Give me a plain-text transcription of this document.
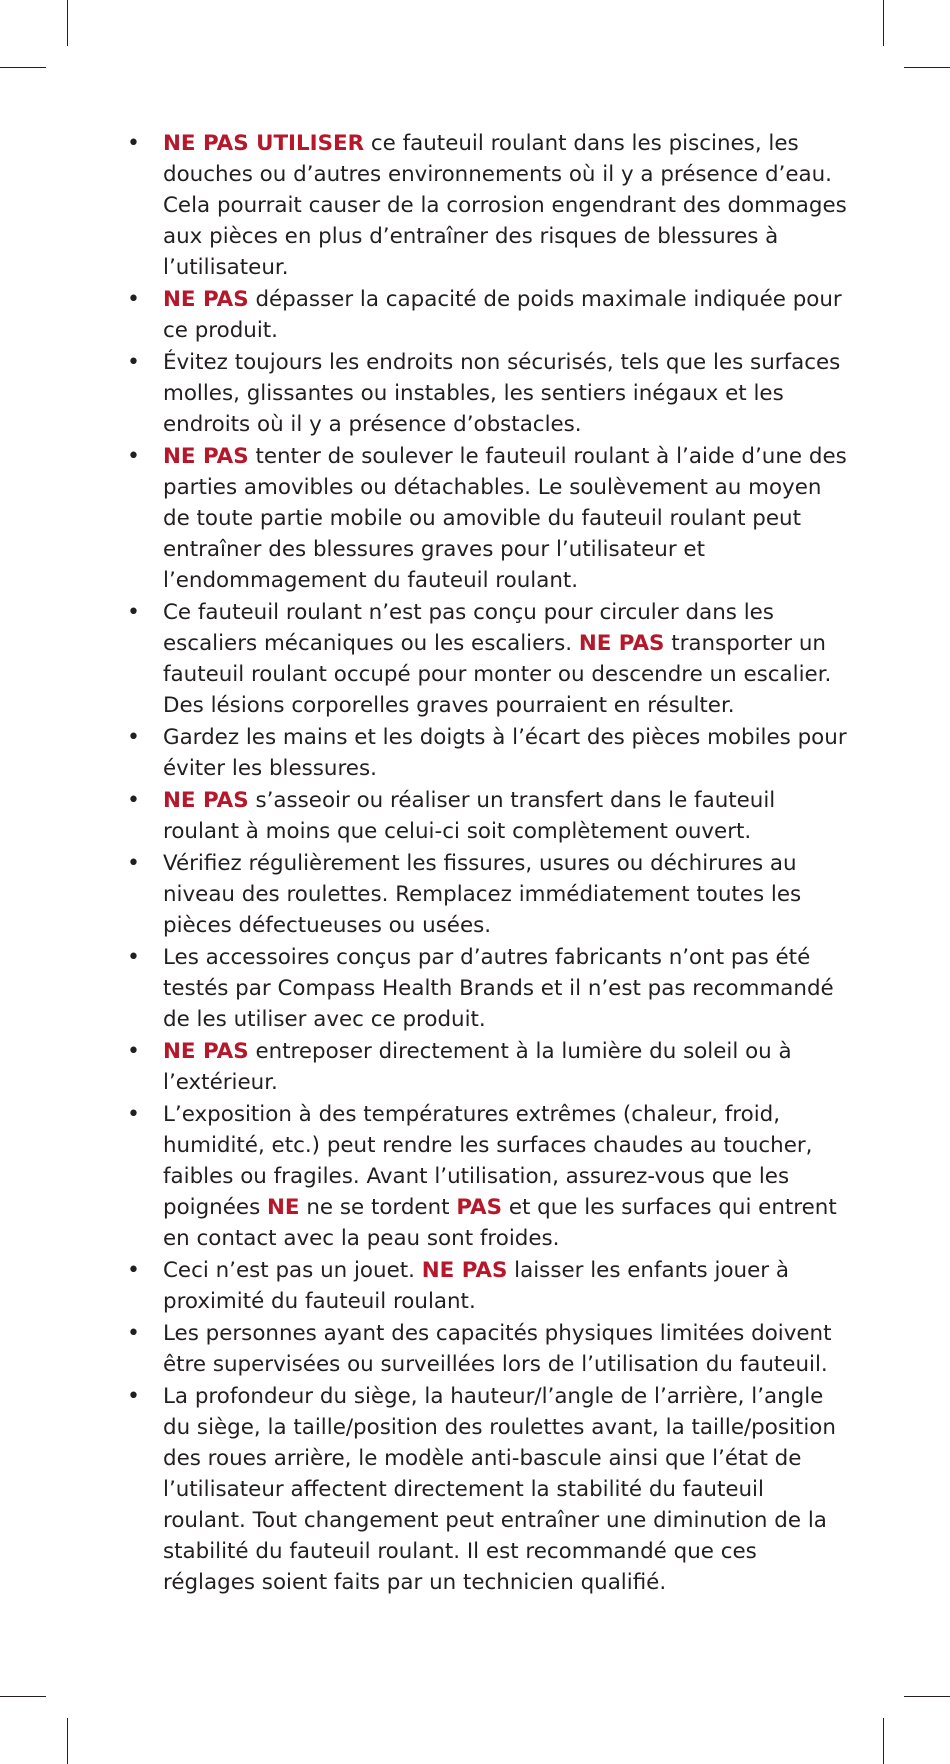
• NE PAS UTILISER ce fauteuil roulant dans les piscines, les douches ou d’autres environnements où il y a présence d’eau. Cela pourrait causer de la corrosion engendrant des dommages aux pièces en plus d’entraîner des risques de blessures à l’utilisateur.
• NE PAS dépasser la capacité de poids maximale indiquée pour ce produit.
• Évitez toujours les endroits non sécurisés, tels que les surfaces molles, glissantes ou instables, les sentiers inégaux et les endroits où il y a présence d’obstacles.
• NE PAS tenter de soulever le fauteuil roulant à l’aide d’une des parties amovibles ou détachables. Le soulèvement au moyen de toute partie mobile ou amovible du fauteuil roulant peut entraîner des blessures graves pour l’utilisateur et l’endommagement du fauteuil roulant.
• Ce fauteuil roulant n’est pas conçu pour circuler dans les escaliers mécaniques ou les escaliers. NE PAS transporter un fauteuil roulant occupé pour monter ou descendre un escalier. Des lésions corporelles graves pourraient en résulter.
• Gardez les mains et les doigts à l’écart des pièces mobiles pour éviter les blessures.
• NE PAS s’asseoir ou réaliser un transfert dans le fauteuil roulant à moins que celui-ci soit complètement ouvert.
• Vérifiez régulièrement les fissures, usures ou déchirures au niveau des roulettes. Remplacez immédiatement toutes les pièces défectueuses ou usées.
• Les accessoires conçus par d’autres fabricants n’ont pas été testés par Compass Health Brands et il n’est pas recommandé de les utiliser avec ce produit.
• NE PAS entreposer directement à la lumière du soleil ou à l’extérieur.
• L’exposition à des températures extrêmes (chaleur, froid, humidité, etc.) peut rendre les surfaces chaudes au toucher, faibles ou fragiles. Avant l’utilisation, assurez-vous que les poignées NE ne se tordent PAS et que les surfaces qui entrent en contact avec la peau sont froides.
• Ceci n’est pas un jouet. NE PAS laisser les enfants jouer à proximité du fauteuil roulant.
• Les personnes ayant des capacités physiques limitées doivent être supervisées ou surveillées lors de l’utilisation du fauteuil.
• La profondeur du siège, la hauteur/l’angle de l’arrière, l’angle du siège, la taille/position des roulettes avant, la taille/position des roues arrière, le modèle anti-bascule ainsi que l’état de l’utilisateur affectent directement la stabilité du fauteuil roulant. Tout changement peut entraîner une diminution de la stabilité du fauteuil roulant. Il est recommandé que ces réglages soient faits par un technicien qualifié.
